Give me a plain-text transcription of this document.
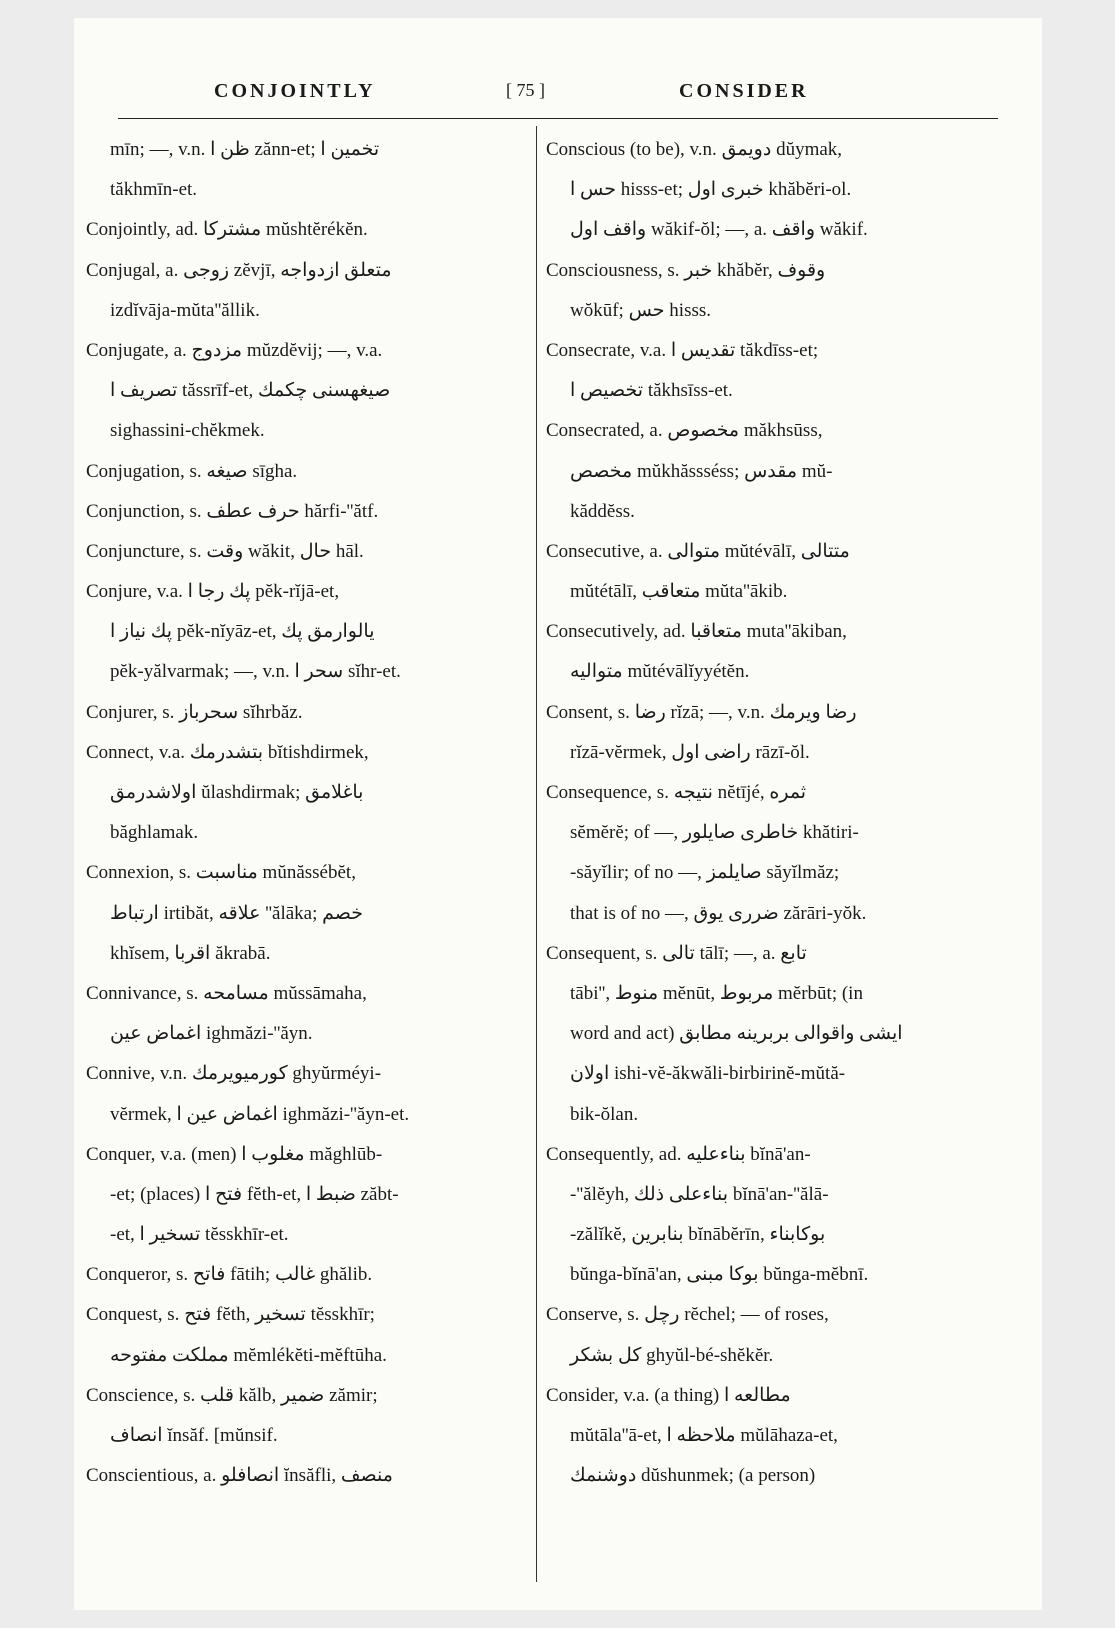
CONJOINTLY	[ 75 ]	CONSIDER
mīn; —, v.n. ظن ا zănn-et; تخمين ا
tăkhmīn-et.
Conjointly, ad. مشتركا mŭshtĕrékĕn.
Conjugal, a. زوجى zĕvjī, متعلق ازدواجه
izdĭvāja-mŭta''ăllik.
Conjugate, a. مزدوج mŭzdĕvij; —, v.a.
تصريف ا tăssrīf-et, صيغهسنى چكمك
sighassini-chĕkmek.
Conjugation, s. صيغه sīgha.
Conjunction, s. حرف عطف hărfi-''ătf.
Conjuncture, s. وقت wăkit, حال hāl.
Conjure, v.a. پك رجا ا pĕk-rĭjā-et,
پك نياز ا pĕk-nĭyāz-et, يالوارمق پك
pĕk-yălvarmak; —, v.n. سحر ا sĭhr-et.
Conjurer, s. سحرباز sĭhrbăz.
Connect, v.a. بتشدرمك bĭtishdirmek,
اولاشدرمق ŭlashdirmak; باغلامق
băghlamak.
Connexion, s. مناسبت mŭnăssébĕt,
ارتباط irtibăt, علاقه ''ălāka; خصم
khĭsem, اقربا ăkrabā.
Connivance, s. مسامحه mŭssāmaha,
اغماض عين ighmăzi-''ăyn.
Connive, v.n. كورميويرمك ghyŭrméyi-
vĕrmek, اغماض عين ا ighmăzi-''ăyn-et.
Conquer, v.a. (men) مغلوب ا măghlūb-
-et; (places) فتح ا fĕth-et, ضبط ا zăbt-
-et, تسخير ا tĕsskhīr-et.
Conqueror, s. فاتح fātih; غالب ghălib.
Conquest, s. فتح fĕth, تسخير tĕsskhīr;
مملكت مفتوحه mĕmlékĕti-mĕftūha.
Conscience, s. قلب kălb, ضمير zămir;
انصاف ĭnsăf. [mŭnsif.
Conscientious, a. انصافلو ĭnsăfli, منصف
Conscious (to be), v.n. دويمق dŭymak,
حس ا hisss-et; خبرى اول khăbĕri-ol.
واقف اول wăkif-ŏl; —, a. واقف wăkif.
Consciousness, s. خبر khăbĕr, وقوف
wŏkūf; حس hisss.
Consecrate, v.a. تقديس ا tăkdīss-et;
تخصيص ا tăkhsīss-et.
Consecrated, a. مخصوص măkhsūss,
مخصص mŭkhăssséss; مقدس mŭ-
kăddĕss.
Consecutive, a. متوالى mŭtévālī, متتالى
mŭtétālī, متعاقب mŭta''ākib.
Consecutively, ad. متعاقبا muta''ākiban,
متواليه mŭtévālĭyyétĕn.
Consent, s. رضا rĭzā; —, v.n. رضا ويرمك
rĭzā-vĕrmek, راضى اول rāzī-ŏl.
Consequence, s. نتيجه nĕtījé, ثمره
sĕmĕrĕ; of —, خاطرى صايلور khătiri-
-săyĭlir; of no —, صايلمز săyĭlmăz;
that is of no —, ضررى يوق zărāri-yŏk.
Consequent, s. تالى tālī; —, a. تابع
tābi'', منوط mĕnūt, مربوط mĕrbūt; (in
word and act) ايشى واقوالى بربرينه مطابق
اولان ishi-vĕ-ăkwăli-birbirinĕ-mŭtă-
bik-ŏlan.
Consequently, ad. بناءعليه bĭnā'an-
-''ălĕyh, بناءعلى ذلك bĭnā'an-''ălā-
-zălĭkĕ, بنابرين bĭnābĕrīn, بوكابناء
bŭnga-bĭnā'an, بوكا مبنى bŭnga-mĕbnī.
Conserve, s. رچل rĕchel; — of roses,
كل بشكر ghyŭl-bé-shĕkĕr.
Consider, v.a. (a thing) مطالعه ا
mŭtāla''ā-et, ملاحظه ا mŭlāhaza-et,
دوشنمك dŭshunmek; (a person)
